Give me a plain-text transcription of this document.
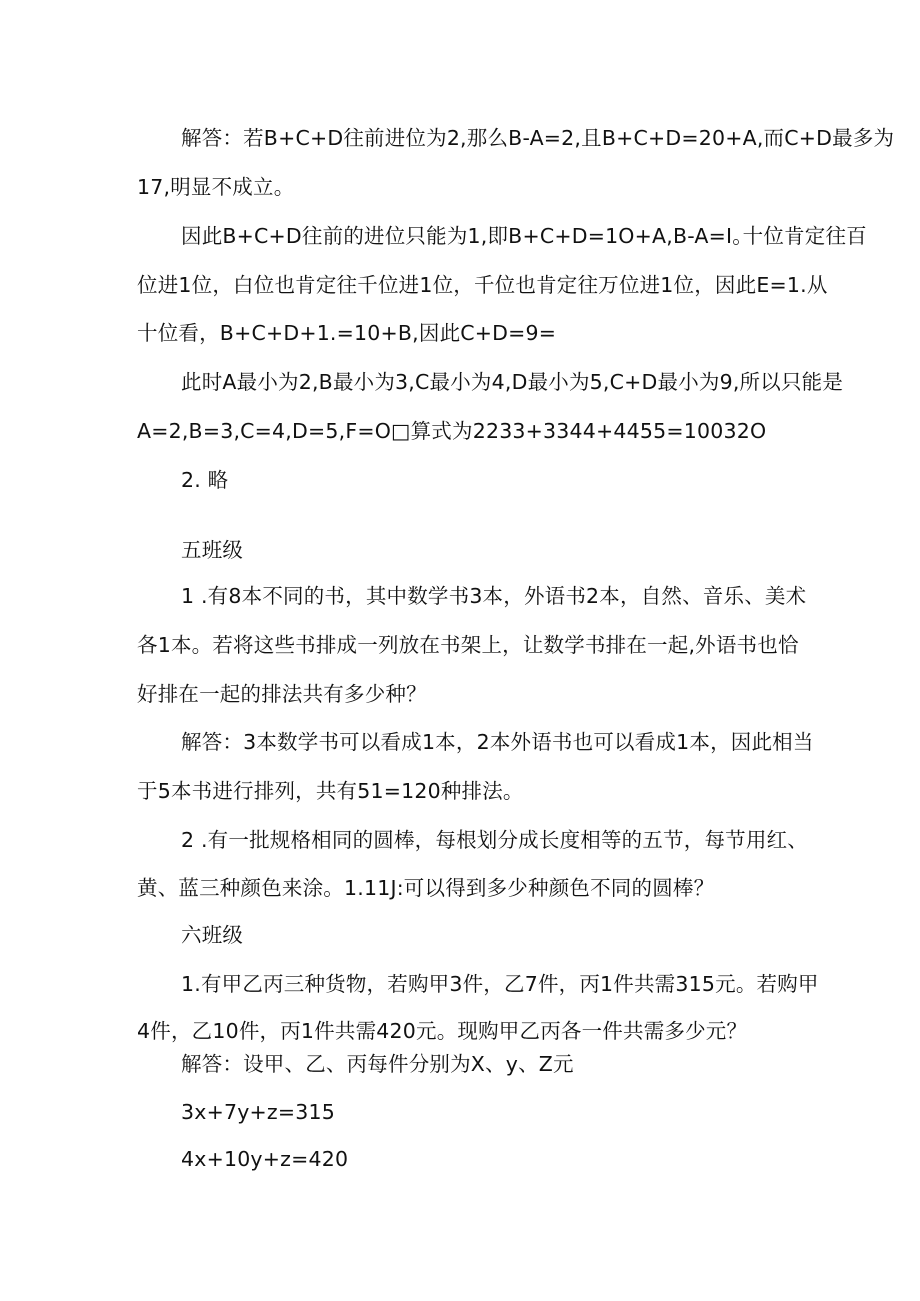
解答：若B+C+D往前进位为2,那么B-A=2,且B+C+D=20+A,而C+D最多为
17,明显不成立。
因此B+C+D往前的进位只能为1,即B+C+D=1O+A,B-A=I｡十位肯定往百
位进1位，白位也肯定往千位进1位，千位也肯定往万位进1位，因此E=1.从
十位看，B+C+D+1.=10+B,因此C+D=9=
此时A最小为2,B最小为3,C最小为4,D最小为5,C+D最小为9,所以只能是
A=2,B=3,C=4,D=5,F=O□算式为2233+3344+4455=10032O
2. 略
五班级
1 .有8本不同的书，其中数学书3本，外语书2本，自然、音乐、美术
各1本。若将这些书排成一列放在书架上，让数学书排在一起,外语书也恰
好排在一起的排法共有多少种？
解答：3本数学书可以看成1本，2本外语书也可以看成1本，因此相当
于5本书进行排列，共有51=120种排法。
2 .有一批规格相同的圆棒，每根划分成长度相等的五节，每节用红、
黄、蓝三种颜色来涂。1.11J:可以得到多少种颜色不同的圆棒？
六班级
1.有甲乙丙三种货物，若购甲3件，乙7件，丙1件共需315元。若购甲
4件，乙10件，丙1件共需420元。现购甲乙丙各一件共需多少元？
解答：设甲、乙、丙每件分别为X、y、Z元
3x+7y+z=315
4x+10y+z=420
